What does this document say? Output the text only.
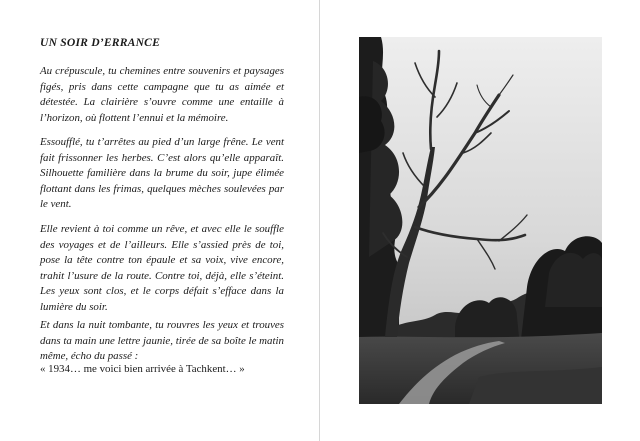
UN SOIR D’ERRANCE

Au crépuscule, tu chemines entre souvenirs et paysages figés, pris dans cette campagne que tu as aimée et détestée. La clairière s’ouvre comme une entaille à l’horizon, où flottent l’ennui et la mémoire.

Essoufflé, tu t’arrêtes au pied d’un large frêne. Le vent fait frissonner les herbes. C’est alors qu’elle apparaît. Silhouette familière dans la brume du soir, jupe élimée flottant dans les frimas, quelques mèches soulevées par le vent.

Elle revient à toi comme un rêve, et avec elle le souffle des voyages et de l’ailleurs. Elle s’assied près de toi, pose la tête contre ton épaule et sa voix, vive encore, trahit l’usure de la route. Contre toi, déjà, elle s’éteint. Les yeux sont clos, et le corps défait s’efface dans la lumière du soir.

Et dans la nuit tombante, tu rouvres les yeux et trouves dans ta main une lettre jaunie, tirée de sa boîte le matin même, écho du passé :

« 1934… me voici bien arrivée à Tachkent… »
